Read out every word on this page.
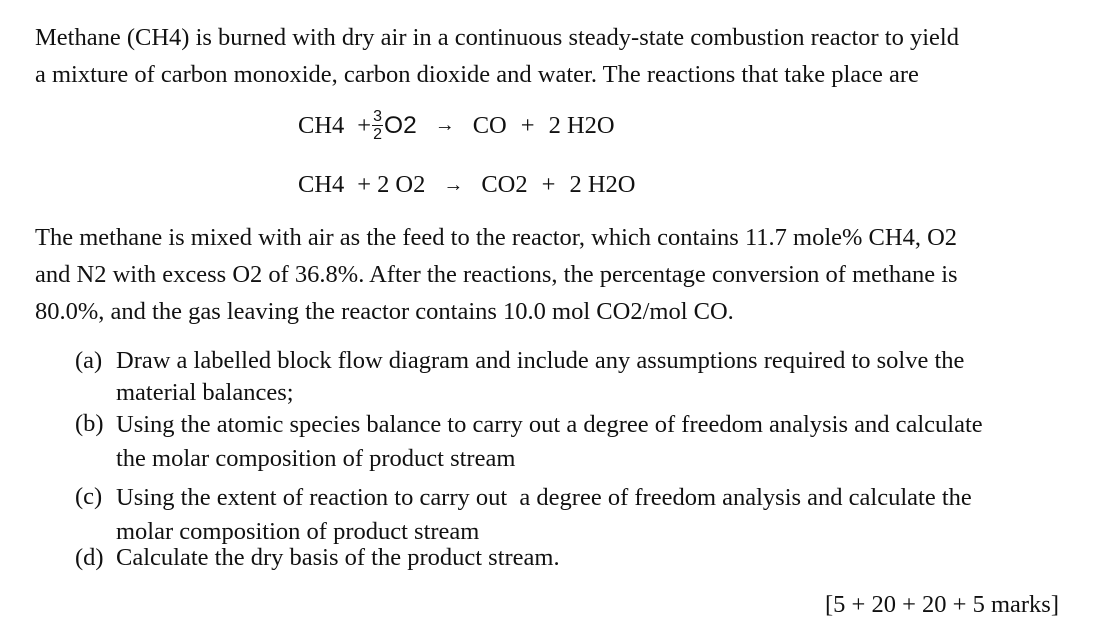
Methane (CH4) is burned with dry air in a continuous steady-state combustion reactor to yield
a mixture of carbon monoxide, carbon dioxide and water. The reactions that take place are
$CH4 + \frac{3}{2} O2$ → CO + 2 H2O
CH4 + 2 O2 → CO2 + 2 H2O
The methane is mixed with air as the feed to the reactor, which contains 11.7 mole% CH4, O2
and N2 with excess O2 of 36.8%. After the reactions, the percentage conversion of methane is
80.0%, and the gas leaving the reactor contains 10.0 mol CO2/mol CO.
(a) Draw a labelled block flow diagram and include any assumptions required to solve the
material balances;
(b) Using the atomic species balance to carry out a degree of freedom analysis and calculate
the molar composition of product stream
(c) Using the extent of reaction to carry out  a degree of freedom analysis and calculate the
molar composition of product stream
(d) Calculate the dry basis of the product stream.
[5 + 20 + 20 + 5 marks]
